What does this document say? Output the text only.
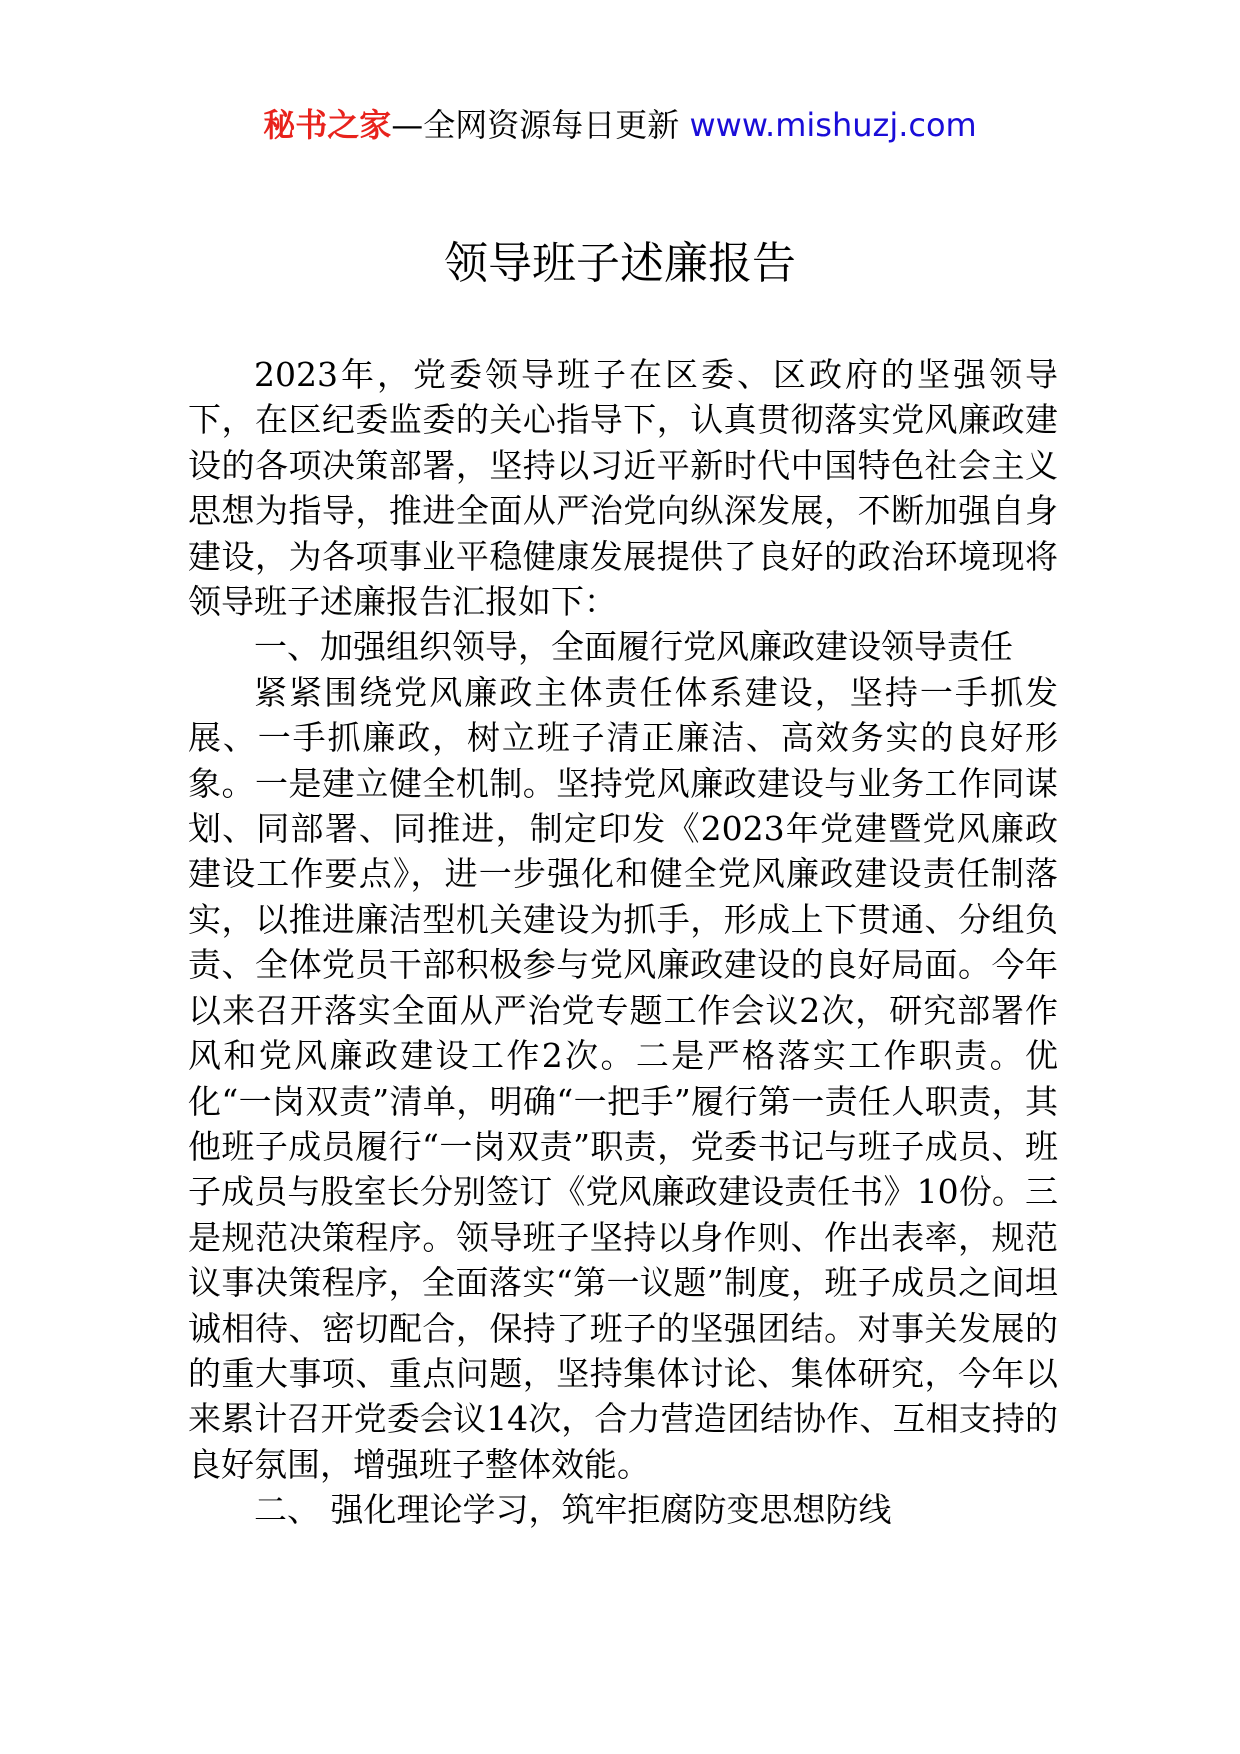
秘书之家—全网资源每日更新 www.mishuzj.com
领导班子述廉报告

2023年，党委领导班子在区委、区政府的坚强领导下，在区纪委监委的关心指导下，认真贯彻落实党风廉政建设的各项决策部署，坚持以习近平新时代中国特色社会主义思想为指导，推进全面从严治党向纵深发展，不断加强自身建设，为各项事业平稳健康发展提供了良好的政治环境现将领导班子述廉报告汇报如下：

一、加强组织领导，全面履行党风廉政建设领导责任

紧紧围绕党风廉政主体责任体系建设，坚持一手抓发展、一手抓廉政，树立班子清正廉洁、高效务实的良好形象。一是建立健全机制。坚持党风廉政建设与业务工作同谋划、同部署、同推进，制定印发《2023年党建暨党风廉政建设工作要点》，进一步强化和健全党风廉政建设责任制落实，以推进廉洁型机关建设为抓手，形成上下贯通、分组负责、全体党员干部积极参与党风廉政建设的良好局面。今年以来召开落实全面从严治党专题工作会议2次，研究部署作风和党风廉政建设工作2次。二是严格落实工作职责。优化“一岗双责”清单，明确“一把手”履行第一责任人职责，其他班子成员履行“一岗双责”职责，党委书记与班子成员、班子成员与股室长分别签订《党风廉政建设责任书》10份。三是规范决策程序。领导班子坚持以身作则、作出表率，规范议事决策程序，全面落实“第一议题”制度，班子成员之间坦诚相待、密切配合，保持了班子的坚强团结。对事关发展的的重大事项、重点问题，坚持集体讨论、集体研究，今年以来累计召开党委会议14次，合力营造团结协作、互相支持的良好氛围，增强班子整体效能。

二、 强化理论学习，筑牢拒腐防变思想防线
